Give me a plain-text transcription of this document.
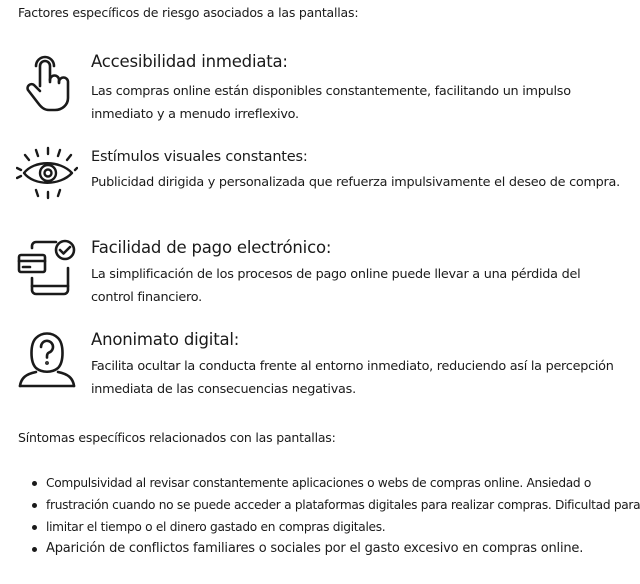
Factores específicos de riesgo asociados a las pantallas:
Accesibilidad inmediata:
Las compras online están disponibles constantemente, facilitando un impulso inmediato y a menudo irreflexivo.
Estímulos visuales constantes:
Publicidad dirigida y personalizada que refuerza impulsivamente el deseo de compra.
Facilidad de pago electrónico:
La simplificación de los procesos de pago online puede llevar a una pérdida del control financiero.
Anonimato digital:
Facilita ocultar la conducta frente al entorno inmediato, reduciendo así la percepción inmediata de las consecuencias negativas.
Síntomas específicos relacionados con las pantallas:
Compulsividad al revisar constantemente aplicaciones o webs de compras online. Ansiedad o
frustración cuando no se puede acceder a plataformas digitales para realizar compras. Dificultad para
limitar el tiempo o el dinero gastado en compras digitales.
Aparición de conflictos familiares o sociales por el gasto excesivo en compras online.
